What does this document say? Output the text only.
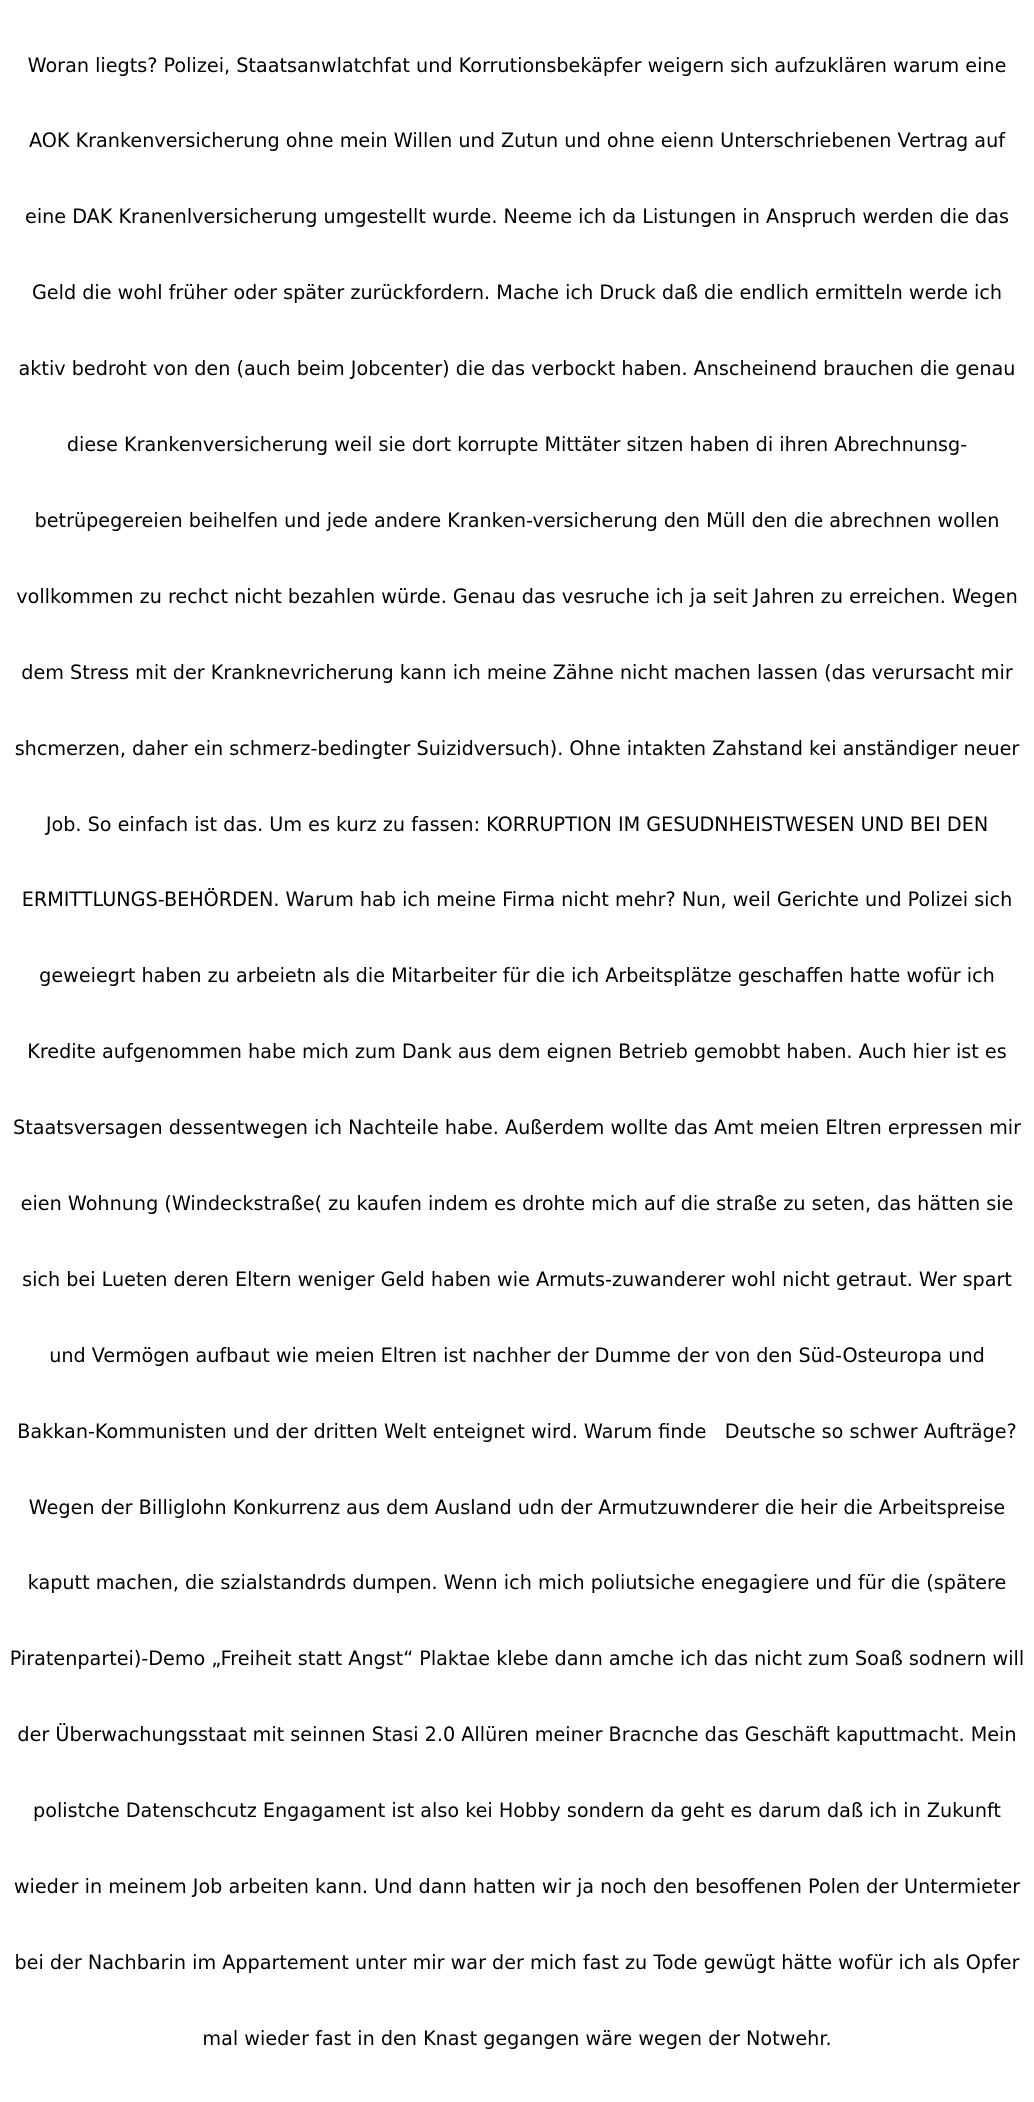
Woran liegts? Polizei, Staatsanwlatchfat und Korrutionsbekäpfer weigern sich aufzuklären warum eine

AOK Krankenversicherung ohne mein Willen und Zutun und ohne eienn Unterschriebenen Vertrag auf

eine DAK Kranenlversicherung umgestellt wurde. Neeme ich da Listungen in Anspruch werden die das

Geld die wohl früher oder später zurückfordern. Mache ich Druck daß die endlich ermitteln werde ich

aktiv bedroht von den (auch beim Jobcenter) die das verbockt haben. Anscheinend brauchen die genau

diese Krankenversicherung weil sie dort korrupte Mittäter sitzen haben di ihren Abrechnunsg-

betrüpegereien beihelfen und jede andere Kranken-versicherung den Müll den die abrechnen wollen

vollkommen zu rechct nicht bezahlen würde. Genau das vesruche ich ja seit Jahren zu erreichen. Wegen

dem Stress mit der Kranknevricherung kann ich meine Zähne nicht machen lassen (das verursacht mir

shcmerzen, daher ein schmerz-bedingter Suizidversuch). Ohne intakten Zahstand kei anständiger neuer

Job. So einfach ist das. Um es kurz zu fassen: KORRUPTION IM GESUDNHEISTWESEN UND BEI DEN

ERMITTLUNGS-BEHÖRDEN. Warum hab ich meine Firma nicht mehr? Nun, weil Gerichte und Polizei sich

geweiegrt haben zu arbeietn als die Mitarbeiter für die ich Arbeitsplätze geschaffen hatte wofür ich

Kredite aufgenommen habe mich zum Dank aus dem eignen Betrieb gemobbt haben. Auch hier ist es

Staatsversagen dessentwegen ich Nachteile habe. Außerdem wollte das Amt meien Eltren erpressen mir

eien Wohnung (Windeckstraße( zu kaufen indem es drohte mich auf die straße zu seten, das hätten sie

sich bei Lueten deren Eltern weniger Geld haben wie Armuts-zuwanderer wohl nicht getraut. Wer spart

und Vermögen aufbaut wie meien Eltren ist nachher der Dumme der von den Süd-Osteuropa und

Bakkan-Kommunisten und der dritten Welt enteignet wird. Warum finde   Deutsche so schwer Aufträge?

Wegen der Billiglohn Konkurrenz aus dem Ausland udn der Armutzuwnderer die heir die Arbeitspreise

kaputt machen, die szialstandrds dumpen. Wenn ich mich poliutsiche enegagiere und für die (spätere

Piratenpartei)-Demo „Freiheit statt Angst“ Plaktae klebe dann amche ich das nicht zum Soaß sodnern will

der Überwachungsstaat mit seinnen Stasi 2.0 Allüren meiner Bracnche das Geschäft kaputtmacht. Mein

polistche Datenschcutz Engagament ist also kei Hobby sondern da geht es darum daß ich in Zukunft

wieder in meinem Job arbeiten kann. Und dann hatten wir ja noch den besoffenen Polen der Untermieter

bei der Nachbarin im Appartement unter mir war der mich fast zu Tode gewügt hätte wofür ich als Opfer

mal wieder fast in den Knast gegangen wäre wegen der Notwehr.
